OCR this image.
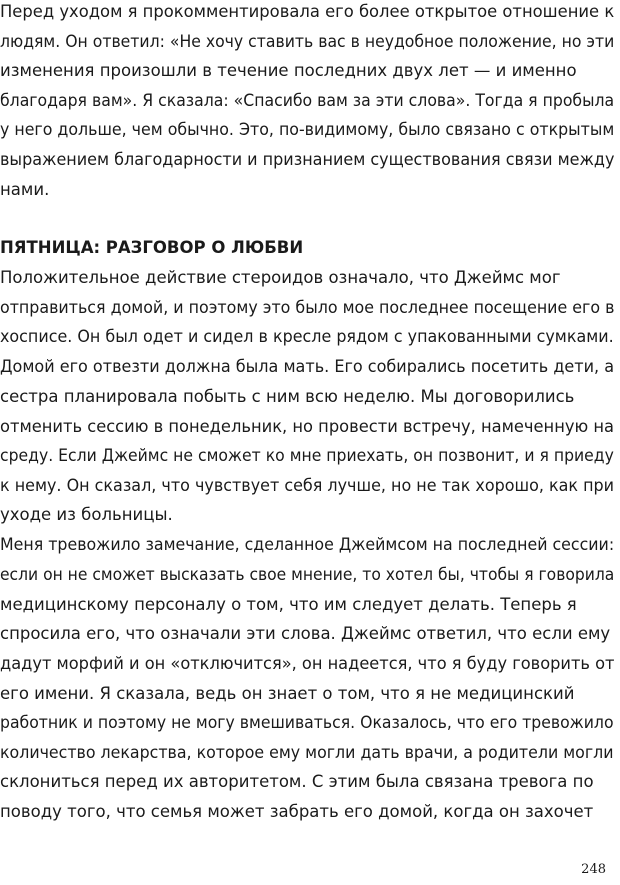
Перед уходом я прокомментировала его более открытое отношение к
людям. Он ответил: «Не хочу ставить вас в неудобное положение, но эти
изменения произошли в течение последних двух лет — и именно
благодаря вам». Я сказала: «Спасибо вам за эти слова». Тогда я пробыла
у него дольше, чем обычно. Это, по-видимому, было связано с открытым
выражением благодарности и признанием существования связи между
нами.
ПЯТНИЦА: РАЗГОВОР О ЛЮБВИ
Положительное действие стероидов означало, что Джеймс мог
отправиться домой, и поэтому это было мое последнее посещение его в
хосписе. Он был одет и сидел в кресле рядом с упакованными сумками.
Домой его отвезти должна была мать. Его собирались посетить дети, а
сестра планировала побыть с ним всю неделю. Мы договорились
отменить сессию в понедельник, но провести встречу, намеченную на
среду. Если Джеймс не сможет ко мне приехать, он позвонит, и я приеду
к нему. Он сказал, что чувствует себя лучше, но не так хорошо, как при
уходе из больницы.
Меня тревожило замечание, сделанное Джеймсом на последней сессии:
если он не сможет высказать свое мнение, то хотел бы, чтобы я говорила
медицинскому персоналу о том, что им следует делать. Теперь я
спросила его, что означали эти слова. Джеймс ответил, что если ему
дадут морфий и он «отключится», он надеется, что я буду говорить от
его имени. Я сказала, ведь он знает о том, что я не медицинский
работник и поэтому не могу вмешиваться. Оказалось, что его тревожило
количество лекарства, которое ему могли дать врачи, а родители могли
склониться перед их авторитетом. С этим была связана тревога по
поводу того, что семья может забрать его домой, когда он захочет
248
